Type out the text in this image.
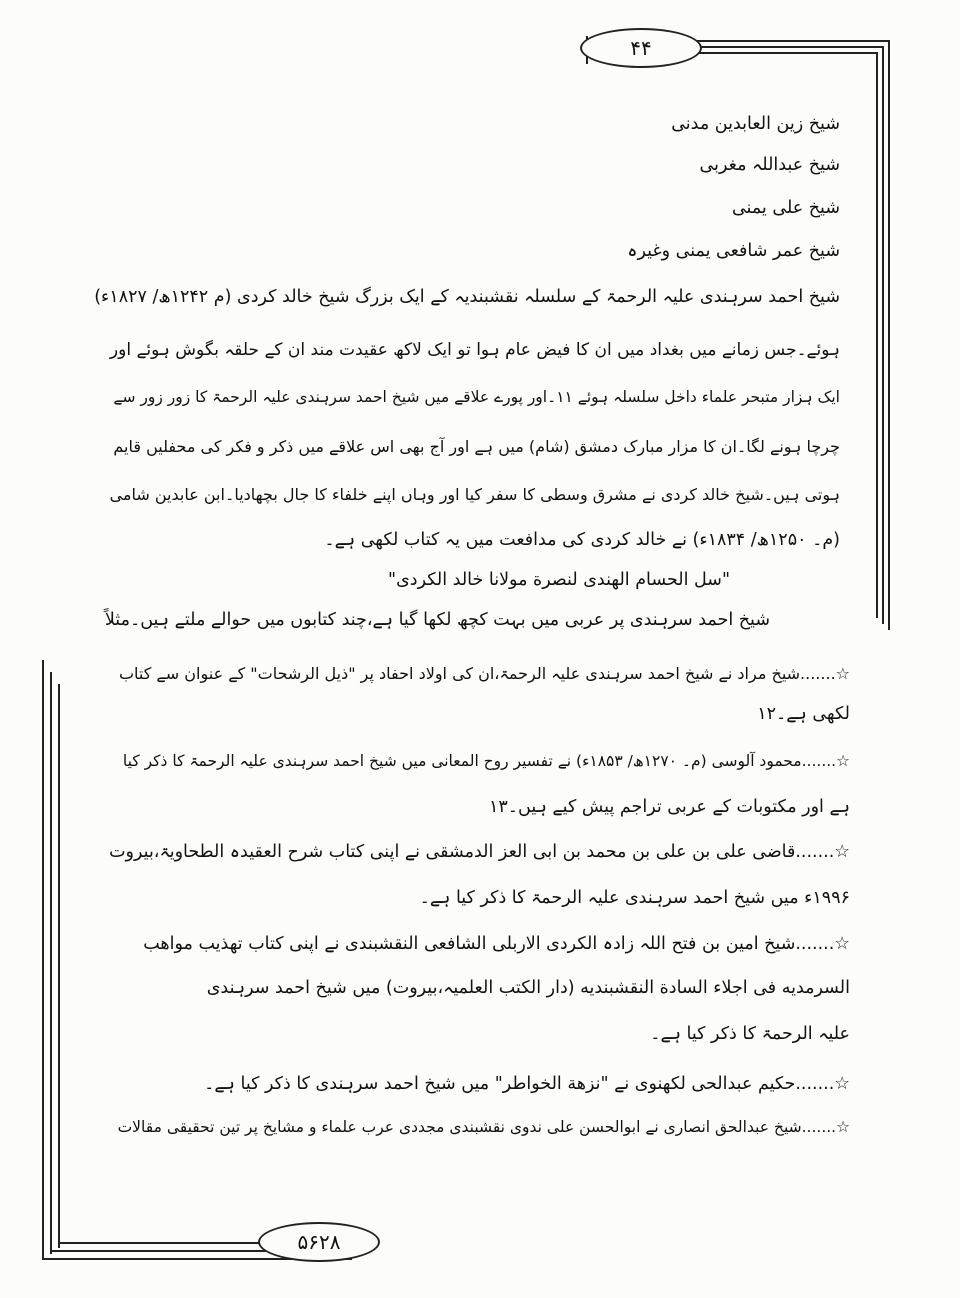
۴۴
۵۶۲۸
شیخ زین العابدین مدنی
شیخ عبداللہ مغربی
شیخ علی یمنی
شیخ عمر شافعی یمنی وغیرہ
شیخ احمد سرہندی علیہ الرحمۃ کے سلسلہ نقشبندیہ کے ایک بزرگ شیخ خالد کردی (م ۱۲۴۲ھ/ ۱۸۲۷ء)
ہوئے۔جس زمانے میں بغداد میں ان کا فیض عام ہوا تو ایک لاکھ عقیدت مند ان کے حلقہ بگوش ہوئے اور
ایک ہزار متبحر علماء داخل سلسلہ ہوئے ۱۱۔اور پورے علاقے میں شیخ احمد سرہندی علیہ الرحمۃ کا زور زور سے
چرچا ہونے لگا۔ان کا مزار مبارک دمشق (شام) میں ہے اور آج بھی اس علاقے میں ذکر و فکر کی محفلیں قایم
ہوتی ہیں۔شیخ خالد کردی نے مشرق وسطی کا سفر کیا اور وہاں اپنے خلفاء کا جال بچھادیا۔ابن عابدین شامی
(م۔ ۱۲۵۰ھ/ ۱۸۳۴ء) نے خالد کردی کی مدافعت میں یہ کتاب لکھی ہے۔
"سل الحسام الهندی لنصرة مولانا خالد الکردی"
شیخ احمد سرہندی پر عربی میں بہت کچھ لکھا گیا ہے،چند کتابوں میں حوالے ملتے ہیں۔مثلاً
☆.......شیخ مراد نے شیخ احمد سرہندی علیہ الرحمۃ،ان کی اولاد احفاد پر "ذیل الرشحات" کے عنوان سے کتاب
لکھی ہے۔۱۲
☆.......محمود آلوسی (م۔ ۱۲۷۰ھ/ ۱۸۵۳ء) نے تفسیر روح المعانی میں شیخ احمد سرہندی علیہ الرحمۃ کا ذکر کیا
ہے اور مکتوبات کے عربی تراجم پیش کیے ہیں۔۱۳
☆.......قاضی علی بن علی بن محمد بن ابی العز الدمشقی نے اپنی کتاب شرح العقیدہ الطحاویۃ،بیروت
۱۹۹۶ء میں شیخ احمد سرہندی علیہ الرحمۃ کا ذکر کیا ہے۔
☆.......شیخ امین بن فتح اللہ زادہ الکردی الاربلی الشافعی النقشبندی نے اپنی کتاب تهذیب مواهب
السرمدیه فی اجلاء السادة النقشبندیه (دار الکتب العلمیہ،بیروت) میں شیخ احمد سرہندی
علیہ الرحمۃ کا ذکر کیا ہے۔
☆.......حکیم عبدالحی لکھنوی نے "نزهة الخواطر" میں شیخ احمد سرہندی کا ذکر کیا ہے۔
☆.......شیخ عبدالحق انصاری نے ابوالحسن علی ندوی نقشبندی مجددی عرب علماء و مشایخ پر تین تحقیقی مقالات
